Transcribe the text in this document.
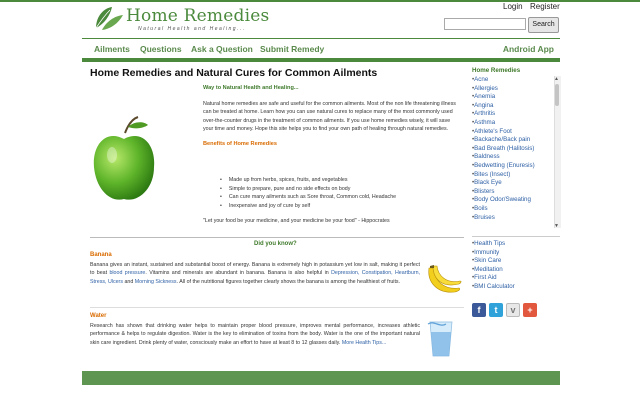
Home Remedies
Natural Health and Healing...
Login Register
Search
Ailments Questions Ask a Question Submit Remedy	Android App
Home Remedies and Natural Cures for Common Ailments

Way to Natural Health and Healing...

Natural home remedies are safe and useful for the common ailments. Most of the non life threatening illness can be treated at home. Learn how you can use natural cures to replace many of the most commonly used over-the-counter drugs in the treatment of common ailments. If you use home remedies wisely, it will save your time and money. Hope this site helps you to find your own path of healing through natural remedies.

Benefits of Home Remedies

• Made up from herbs, spices, fruits, and vegetables
• Simple to prepare, pure and no side effects on body
• Can cure many ailments such as Sore throat, Common cold, Headache
• Inexpensive and joy of cure by self
"Let your food be your medicine, and your medicine be your food" - Hippocrates
Did you know?
Banana
Banana gives an instant, sustained and substantial boost of energy. Banana is extremely high in potassium yet low in salt, making it perfect to beat blood pressure. Vitamins and minerals are abundant in banana. Banana is also helpful in Depression, Constipation, Heartburn, Stress, Ulcers and Morning Sickness. All of the nutritional figures together clearly shows the banana is among the healthiest of fruits.
Water
Research has shown that drinking water helps to maintain proper blood pressure, improves mental performance, increases athletic performance & helps to regulate digestion. Water is the key to elimination of toxins from the body. Water is the one of the important natural skin care ingredient. Drink plenty of water, consciously make an effort to have at least 8 to 12 glasses daily. More Health Tips...
Home Remedies
• Acne
• Allergies
• Anemia
• Angina
• Arthritis
• Asthma
• Athlete's Foot
• Backache/Back pain
• Bad Breath (Halitosis)
• Baldness
• Bedwetting (Enuresis)
• Bites (Insect)
• Black Eye
• Blisters
• Body Odor/Sweating
• Boils
• Bruises
▲
▼
• Health Tips
• Immunity
• Skin Care
• Meditation
• First Aid
• BMI Calculator
f	t	v	+
